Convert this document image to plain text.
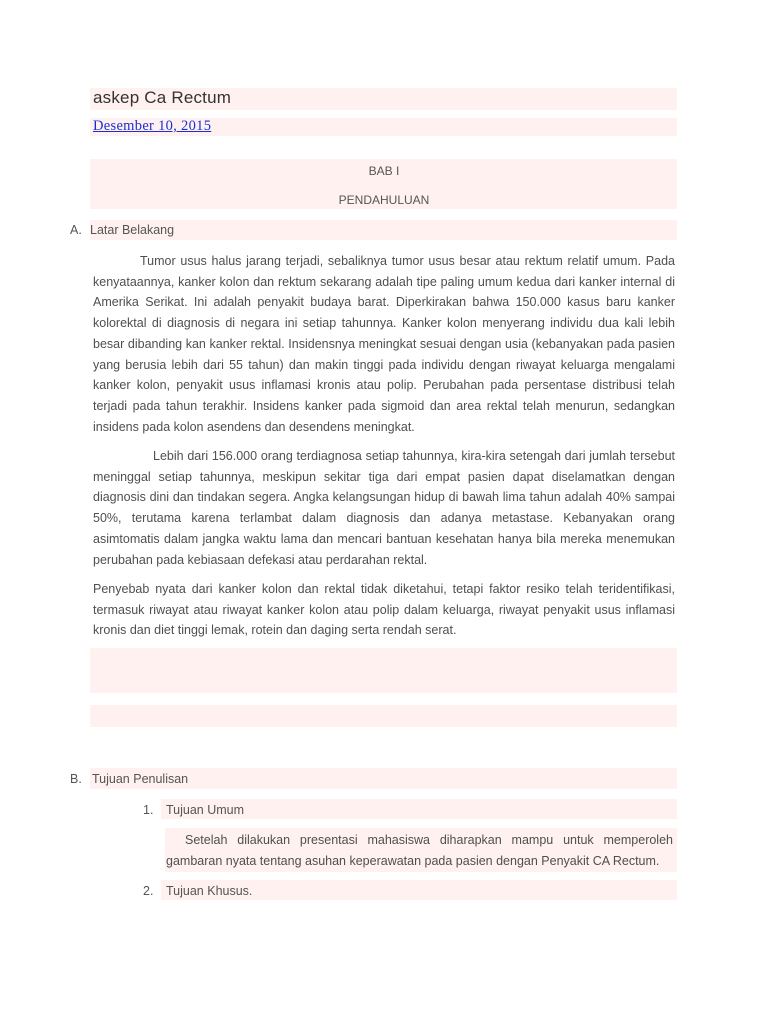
askep Ca Rectum
Desember 10, 2015
BAB I
PENDAHULUAN
A. Latar Belakang
Tumor usus halus jarang terjadi, sebaliknya tumor usus besar atau rektum relatif umum. Pada kenyataannya, kanker kolon dan rektum sekarang adalah tipe paling umum kedua dari kanker internal di Amerika Serikat. Ini adalah penyakit budaya barat. Diperkirakan bahwa 150.000 kasus baru kanker kolorektal di diagnosis di negara ini setiap tahunnya. Kanker kolon menyerang individu dua kali lebih besar dibanding kan kanker rektal. Insidensnya meningkat sesuai dengan usia (kebanyakan pada pasien yang berusia lebih dari 55 tahun) dan makin tinggi pada individu dengan riwayat keluarga mengalami kanker kolon, penyakit usus inflamasi kronis atau polip. Perubahan pada persentase distribusi telah terjadi pada tahun terakhir. Insidens kanker pada sigmoid dan area rektal telah menurun, sedangkan insidens pada kolon asendens dan desendens meningkat.
Lebih dari 156.000 orang terdiagnosa setiap tahunnya, kira-kira setengah dari jumlah tersebut meninggal setiap tahunnya, meskipun sekitar tiga dari empat pasien dapat diselamatkan dengan diagnosis dini dan tindakan segera. Angka kelangsungan hidup di bawah lima tahun adalah 40% sampai 50%, terutama karena terlambat dalam diagnosis dan adanya metastase. Kebanyakan orang asimtomatis dalam jangka waktu lama dan mencari bantuan kesehatan hanya bila mereka menemukan perubahan pada kebiasaan defekasi atau perdarahan rektal.
Penyebab nyata dari kanker kolon dan rektal tidak diketahui, tetapi faktor resiko telah teridentifikasi, termasuk riwayat atau riwayat kanker kolon atau polip dalam keluarga, riwayat penyakit usus inflamasi kronis dan diet tinggi lemak, rotein dan daging serta rendah serat.
B. Tujuan Penulisan
1. Tujuan Umum
Setelah dilakukan presentasi mahasiswa diharapkan mampu untuk memperoleh gambaran nyata tentang asuhan keperawatan pada pasien dengan Penyakit CA Rectum.
2. Tujuan Khusus.
